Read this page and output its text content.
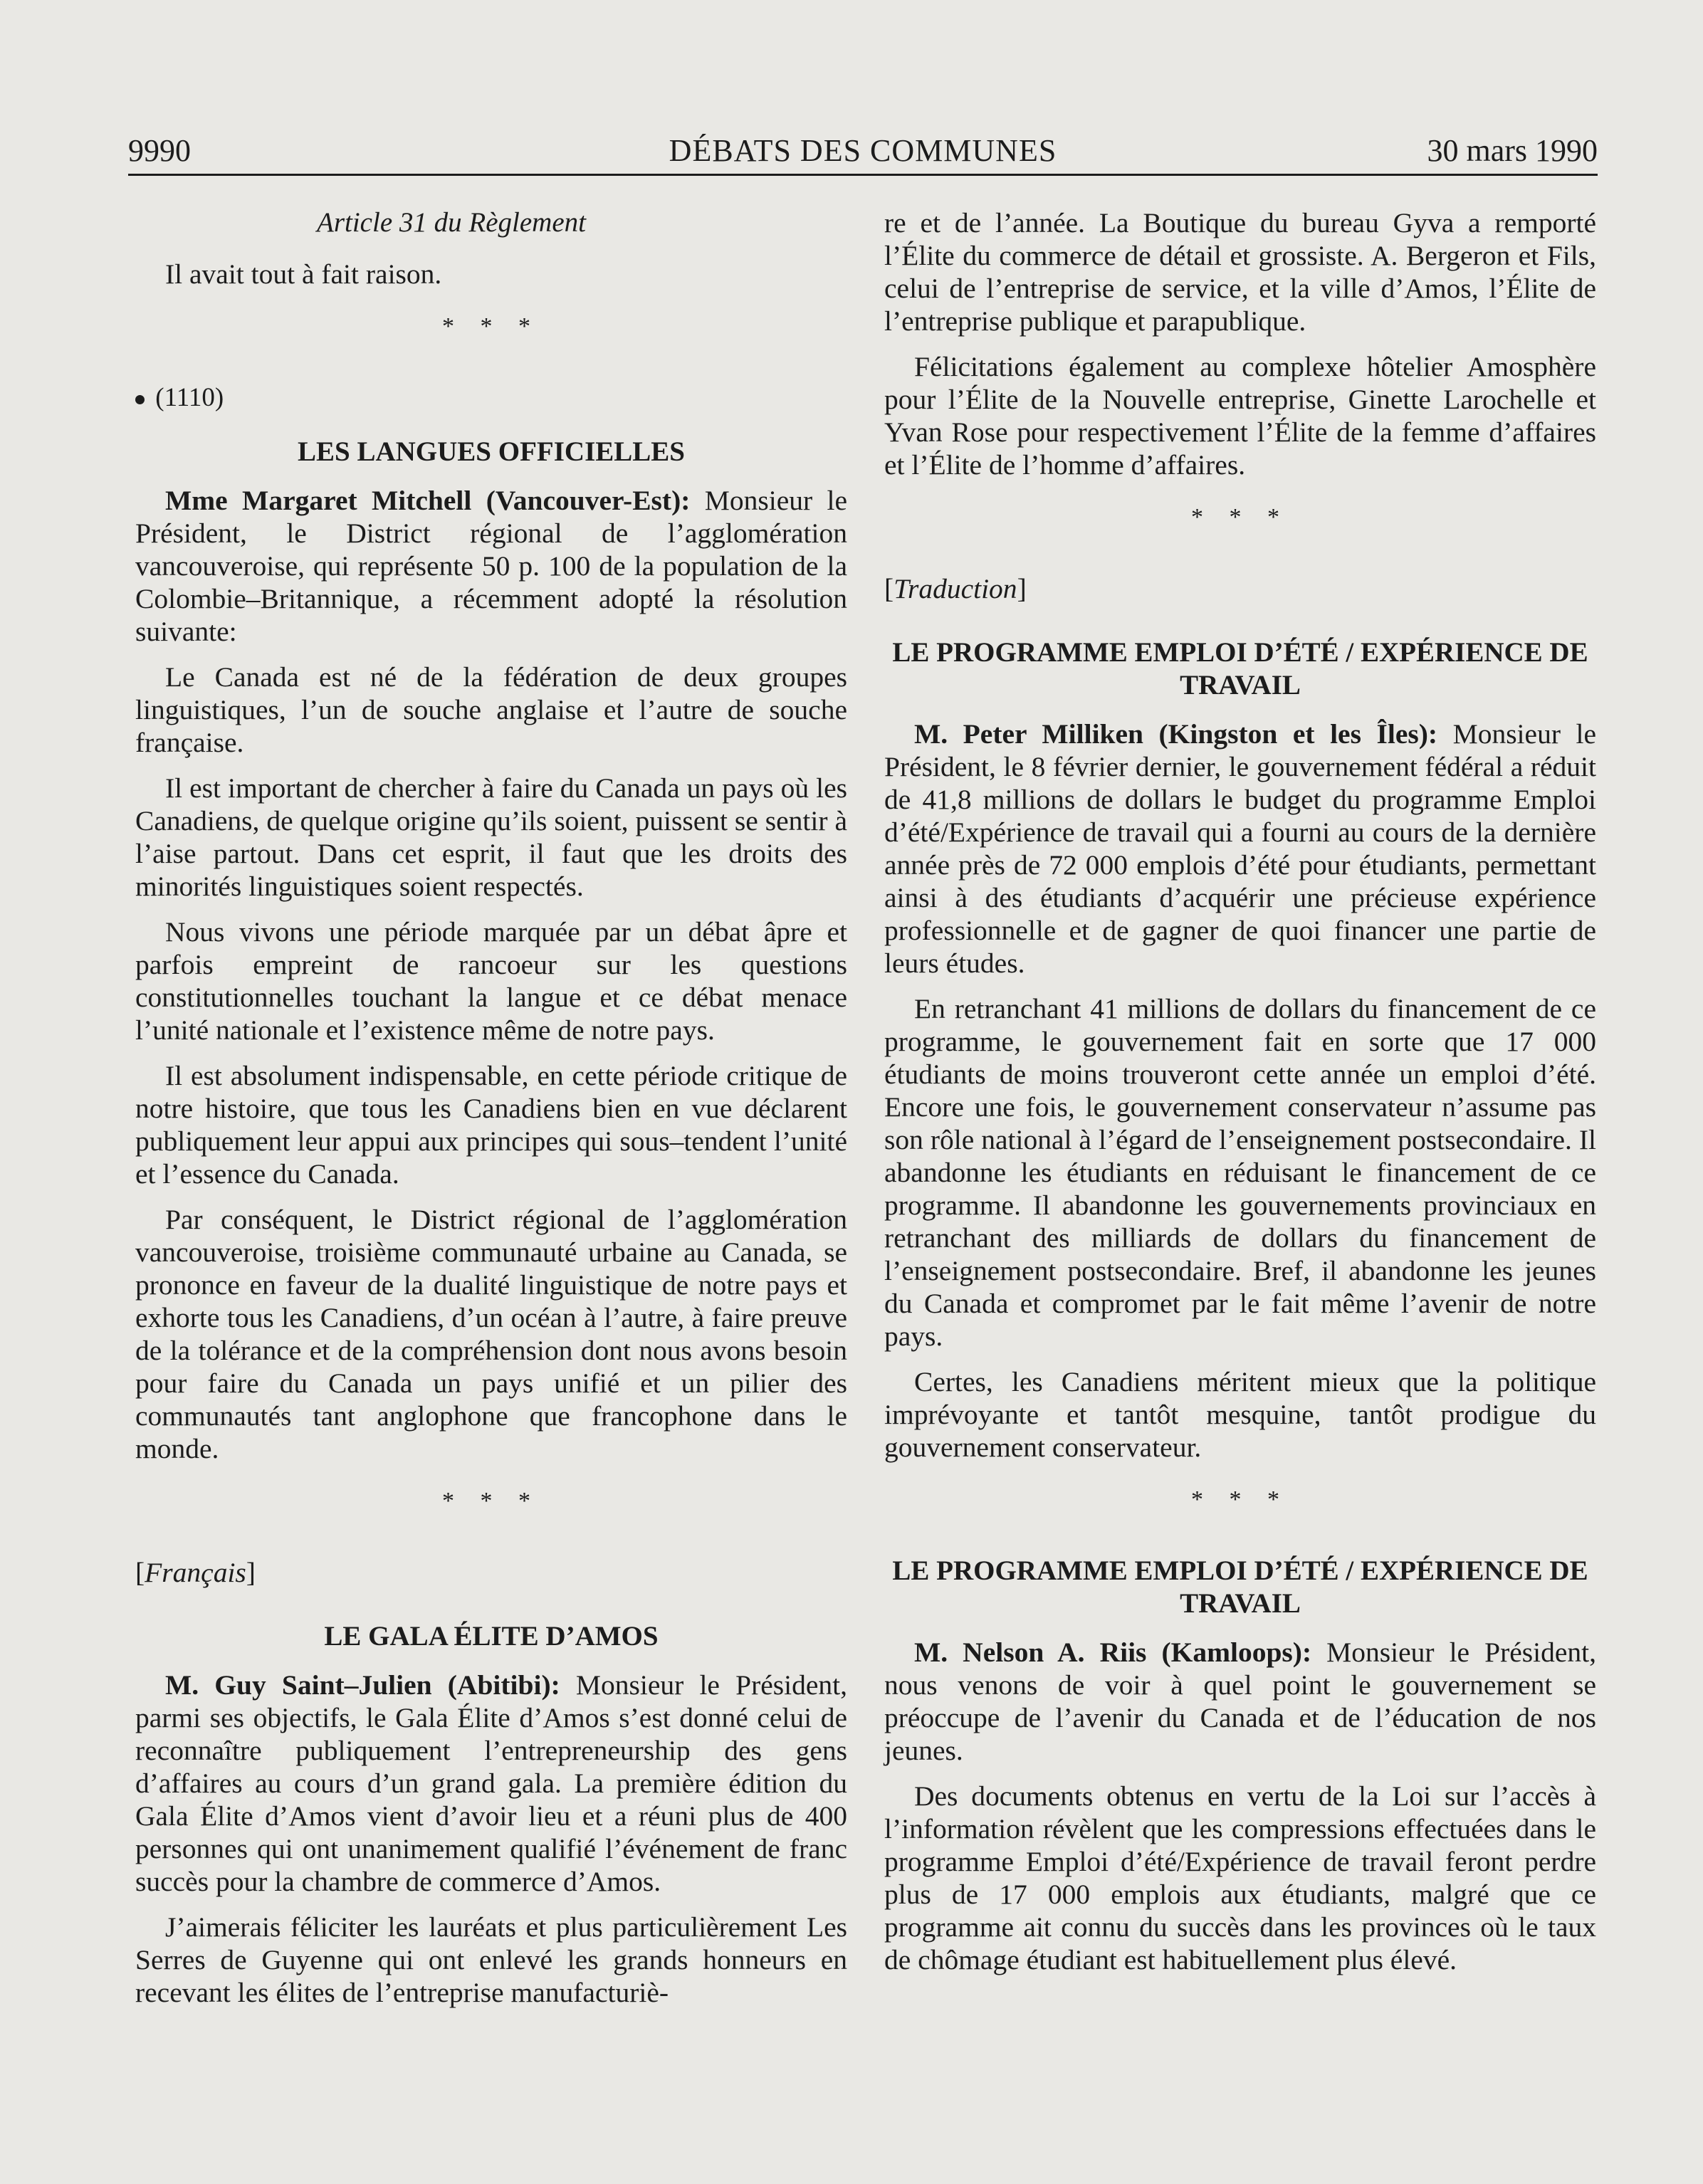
9990	DÉBATS DES COMMUNES	30 mars 1990
Article 31 du Règlement

Il avait tout à fait raison.

* * *
(1110)
LES LANGUES OFFICIELLES

Mme Margaret Mitchell (Vancouver-Est): Monsieur le Président, le District régional de l’agglomération vancouveroise, qui représente 50 p. 100 de la population de la Colombie–Britannique, a récemment adopté la résolution suivante:

Le Canada est né de la fédération de deux groupes linguistiques, l’un de souche anglaise et l’autre de souche française.

Il est important de chercher à faire du Canada un pays où les Canadiens, de quelque origine qu’ils soient, puissent se sentir à l’aise partout. Dans cet esprit, il faut que les droits des minorités linguistiques soient respectés.

Nous vivons une période marquée par un débat âpre et parfois empreint de rancoeur sur les questions constitutionnelles touchant la langue et ce débat menace l’unité nationale et l’existence même de notre pays.

Il est absolument indispensable, en cette période critique de notre histoire, que tous les Canadiens bien en vue déclarent publiquement leur appui aux principes qui sous–tendent l’unité et l’essence du Canada.

Par conséquent, le District régional de l’agglomération vancouveroise, troisième communauté urbaine au Canada, se prononce en faveur de la dualité linguistique de notre pays et exhorte tous les Canadiens, d’un océan à l’autre, à faire preuve de la tolérance et de la compréhension dont nous avons besoin pour faire du Canada un pays unifié et un pilier des communautés tant anglophone que francophone dans le monde.

* * *
[Français]
LE GALA ÉLITE D’AMOS

M. Guy Saint–Julien (Abitibi): Monsieur le Président, parmi ses objectifs, le Gala Élite d’Amos s’est donné celui de reconnaître publiquement l’entrepreneurship des gens d’affaires au cours d’un grand gala. La première édition du Gala Élite d’Amos vient d’avoir lieu et a réuni plus de 400 personnes qui ont unanimement qualifié l’événement de franc succès pour la chambre de commerce d’Amos.

J’aimerais féliciter les lauréats et plus particulièrement Les Serres de Guyenne qui ont enlevé les grands honneurs en recevant les élites de l’entreprise manufacturiè-

re et de l’année. La Boutique du bureau Gyva a remporté l’Élite du commerce de détail et grossiste. A. Bergeron et Fils, celui de l’entreprise de service, et la ville d’Amos, l’Élite de l’entreprise publique et parapublique.

Félicitations également au complexe hôtelier Amosphère pour l’Élite de la Nouvelle entreprise, Ginette Larochelle et Yvan Rose pour respectivement l’Élite de la femme d’affaires et l’Élite de l’homme d’affaires.

* * *
[Traduction]
LE PROGRAMME EMPLOI D’ÉTÉ / EXPÉRIENCE DE TRAVAIL

M. Peter Milliken (Kingston et les Îles): Monsieur le Président, le 8 février dernier, le gouvernement fédéral a réduit de 41,8 millions de dollars le budget du programme Emploi d’été/Expérience de travail qui a fourni au cours de la dernière année près de 72 000 emplois d’été pour étudiants, permettant ainsi à des étudiants d’acquérir une précieuse expérience professionnelle et de gagner de quoi financer une partie de leurs études.

En retranchant 41 millions de dollars du financement de ce programme, le gouvernement fait en sorte que 17 000 étudiants de moins trouveront cette année un emploi d’été. Encore une fois, le gouvernement conservateur n’assume pas son rôle national à l’égard de l’enseignement postsecondaire. Il abandonne les étudiants en réduisant le financement de ce programme. Il abandonne les gouvernements provinciaux en retranchant des milliards de dollars du financement de l’enseignement postsecondaire. Bref, il abandonne les jeunes du Canada et compromet par le fait même l’avenir de notre pays.

Certes, les Canadiens méritent mieux que la politique imprévoyante et tantôt mesquine, tantôt prodigue du gouvernement conservateur.

* * *
LE PROGRAMME EMPLOI D’ÉTÉ / EXPÉRIENCE DE TRAVAIL

M. Nelson A. Riis (Kamloops): Monsieur le Président, nous venons de voir à quel point le gouvernement se préoccupe de l’avenir du Canada et de l’éducation de nos jeunes.

Des documents obtenus en vertu de la Loi sur l’accès à l’information révèlent que les compressions effectuées dans le programme Emploi d’été/Expérience de travail feront perdre plus de 17 000 emplois aux étudiants, malgré que ce programme ait connu du succès dans les provinces où le taux de chômage étudiant est habituellement plus élevé.
